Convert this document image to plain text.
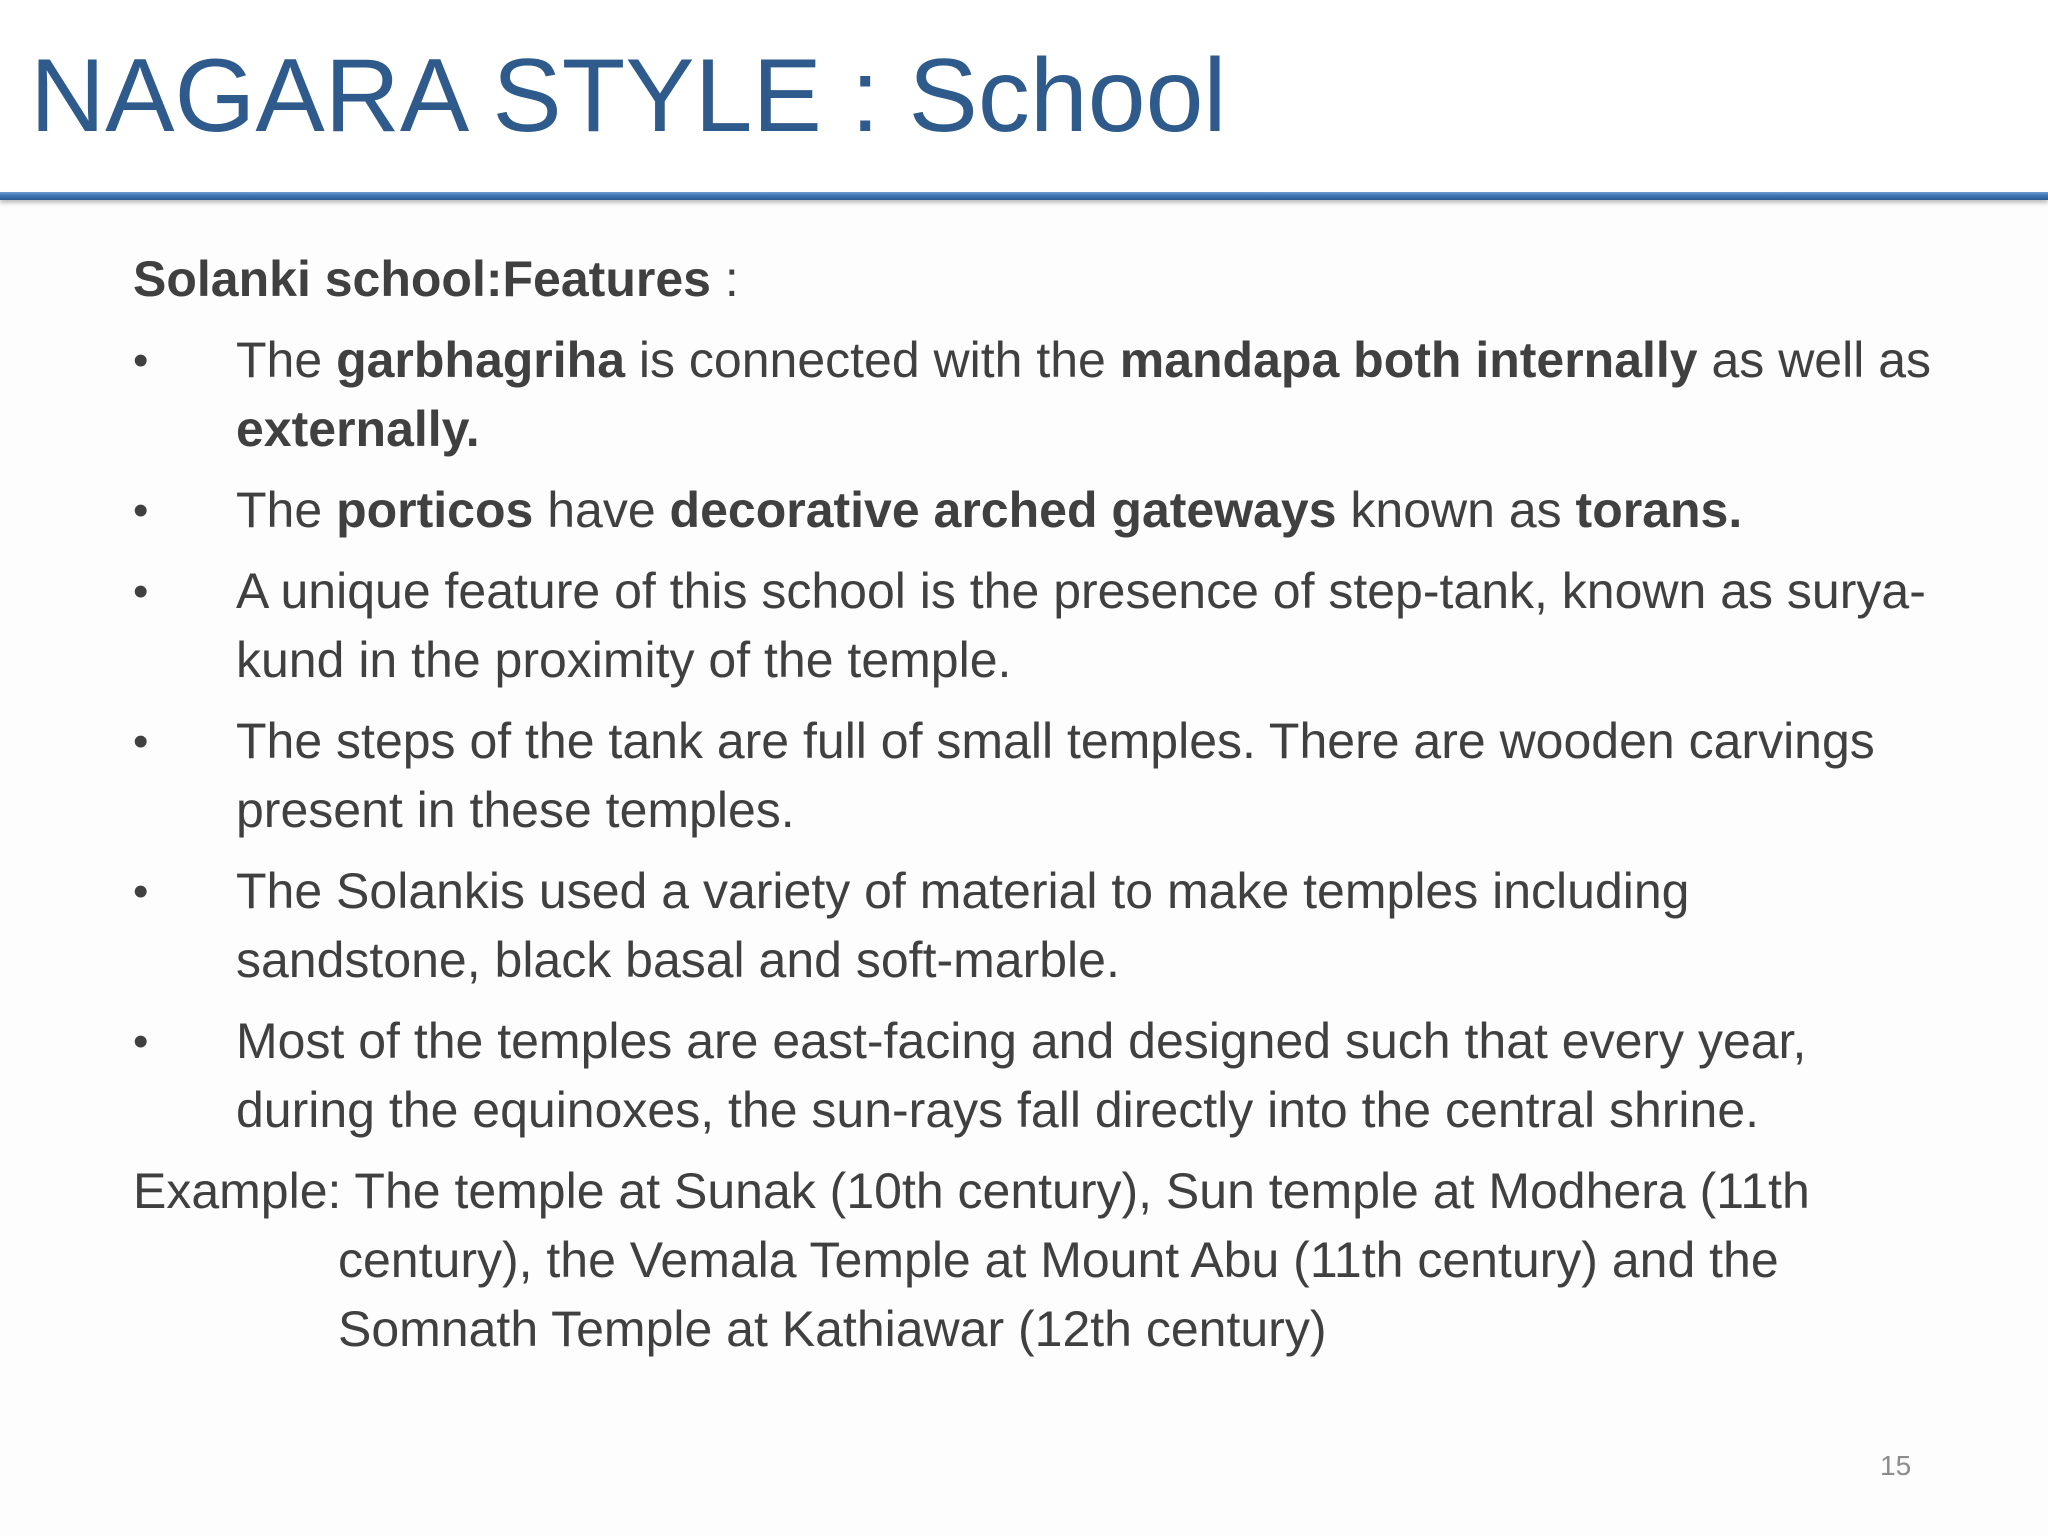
NAGARA STYLE : School

Solanki school:Features :

•	The garbhagriha is connected with the mandapa both internally as well as externally.
•	The porticos have decorative arched gateways known as torans.
•	A unique feature of this school is the presence of step-tank, known as surya-kund in the proximity of the temple.
•	The steps of the tank are full of small temples. There are wooden carvings present in these temples.
•	The Solankis used a variety of material to make temples including sandstone, black basal and soft-marble.
•	Most of the temples are east-facing and designed such that every year, during the equinoxes, the sun-rays fall directly into the central shrine.

Example: The temple at Sunak (10th century), Sun temple at Modhera (11th century), the Vemala Temple at Mount Abu (11th century) and the Somnath Temple at Kathiawar (12th century)

15
